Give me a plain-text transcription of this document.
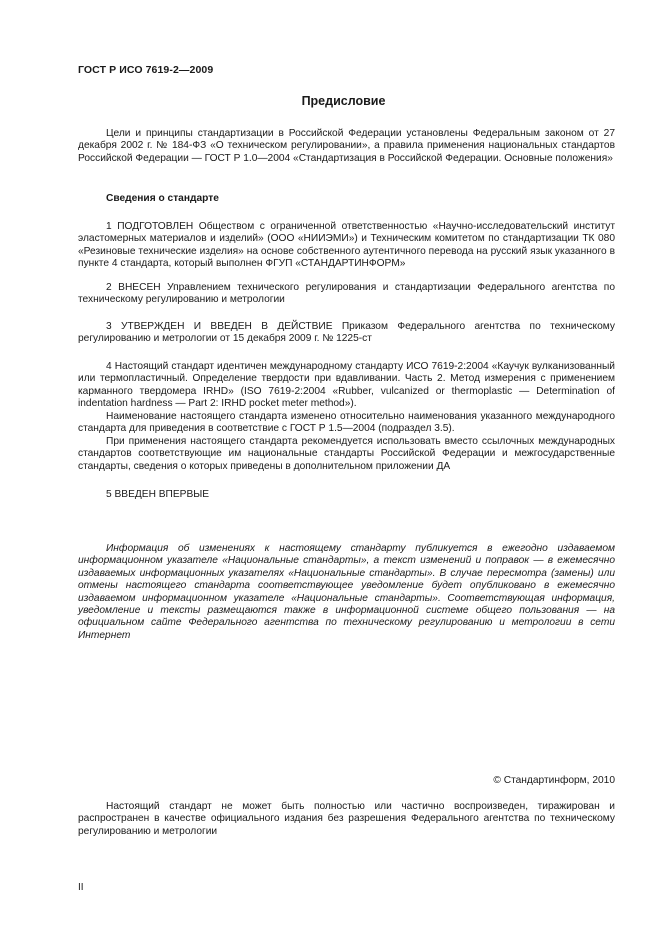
ГОСТ Р ИСО 7619-2—2009
Предисловие
Цели и принципы стандартизации в Российской Федерации установлены Федеральным законом от 27 декабря 2002 г. № 184-ФЗ «О техническом регулировании», а правила применения национальных стандартов Российской Федерации — ГОСТ Р 1.0—2004 «Стандартизация в Российской Федерации. Основные положения»
Сведения о стандарте
1 ПОДГОТОВЛЕН Обществом с ограниченной ответственностью «Научно-исследовательский институт эластомерных материалов и изделий» (ООО «НИИЭМИ») и Техническим комитетом по стандартизации ТК 080 «Резиновые технические изделия» на основе собственного аутентичного перевода на русский язык указанного в пункте 4 стандарта, который выполнен ФГУП «СТАНДАРТИНФОРМ»
2 ВНЕСЕН Управлением технического регулирования и стандартизации Федерального агентства по техническому регулированию и метрологии
3 УТВЕРЖДЕН И ВВЕДЕН В ДЕЙСТВИЕ Приказом Федерального агентства по техническому регулированию и метрологии от 15 декабря 2009 г. № 1225-ст
4 Настоящий стандарт идентичен международному стандарту ИСО 7619-2:2004 «Каучук вулканизованный или термопластичный. Определение твердости при вдавливании. Часть 2. Метод измерения с применением карманного твердомера IRHD» (ISO 7619-2:2004 «Rubber, vulcanized or thermoplastic — Determination of indentation hardness — Part 2: IRHD pocket meter method»).
Наименование настоящего стандарта изменено относительно наименования указанного международного стандарта для приведения в соответствие с ГОСТ Р 1.5—2004 (подраздел 3.5).
При применения настоящего стандарта рекомендуется использовать вместо ссылочных международных стандартов соответствующие им национальные стандарты Российской Федерации и межгосударственные стандарты, сведения о которых приведены в дополнительном приложении ДА
5 ВВЕДЕН ВПЕРВЫЕ
Информация об изменениях к настоящему стандарту публикуется в ежегодно издаваемом информационном указателе «Национальные стандарты», а текст изменений и поправок — в ежемесячно издаваемых информационных указателях «Национальные стандарты». В случае пересмотра (замены) или отмены настоящего стандарта соответствующее уведомление будет опубликовано в ежемесячно издаваемом информационном указателе «Национальные стандарты». Соответствующая информация, уведомление и тексты размещаются также в информационной системе общего пользования — на официальном сайте Федерального агентства по техническому регулированию и метрологии в сети Интернет
© Стандартинформ, 2010
Настоящий стандарт не может быть полностью или частично воспроизведен, тиражирован и распространен в качестве официального издания без разрешения Федерального агентства по техническому регулированию и метрологии
II
